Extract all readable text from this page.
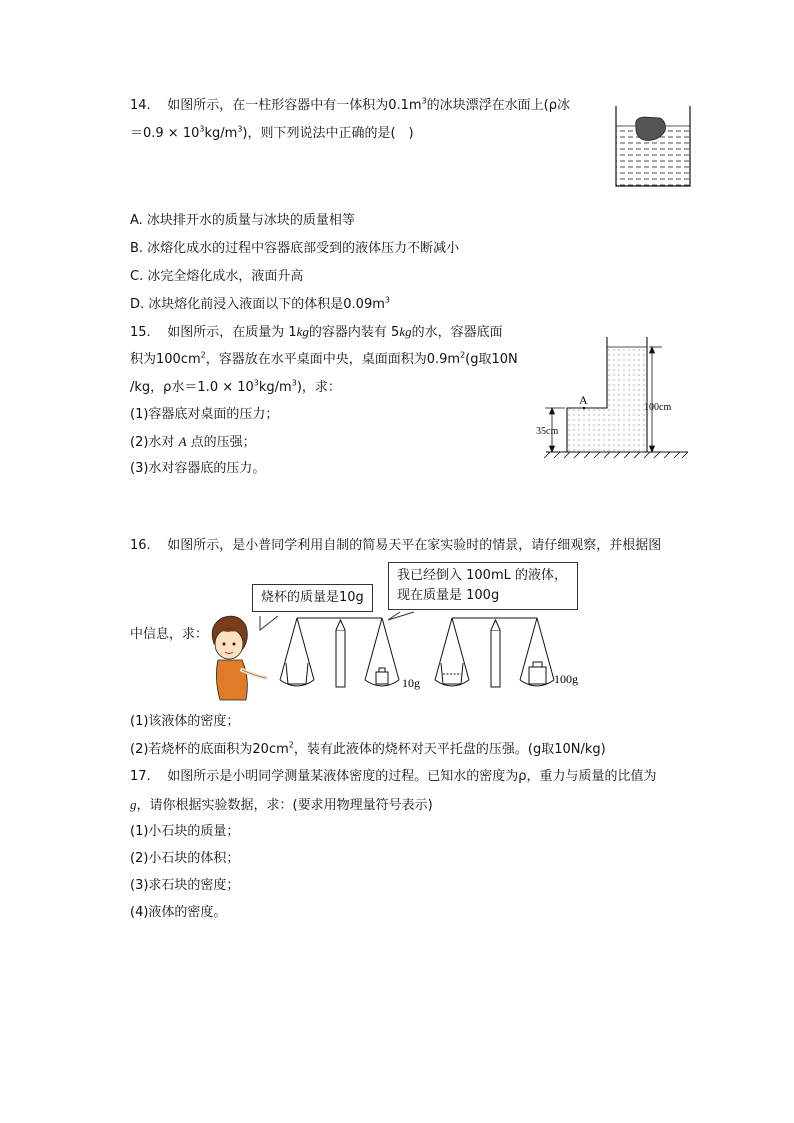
14. 如图所示，在一柱形容器中有一体积为$0.1m^3$的冰块漂浮在水面上(ρ冰
$=0.9 \times 10^3kg/m^3$)，则下列说法中正确的是(　)
A. 冰块排开水的质量与冰块的质量相等
B. 冰熔化成水的过程中容器底部受到的液体压力不断减小
C. 冰完全熔化成水，液面升高
D. 冰块熔化前浸入液面以下的体积是$0.09m^3$
15. 如图所示，在质量为 1kg的容器内装有 5kg的水，容器底面
积为$100cm^2$，容器放在水平桌面中央，桌面面积为$0.9m^2(g$取10N
/kg，ρ水$=1.0 \times 10^3kg/m^3$)，求：
(1)容器底对桌面的压力；
(2)水对 A 点的压强；
(3)水对容器底的压力。
A
35cm
100cm
16. 如图所示，是小普同学利用自制的简易天平在家实验时的情景，请仔细观察，并根据图
中信息，求：
10g	100g
烧杯的质量是10g
我已经倒入 100mL 的液体，
现在质量是 100g
(1)该液体的密度；
(2)若烧杯的底面积为$20cm^2$，装有此液体的烧杯对天平托盘的压强。(g取10N/kg)
17. 如图所示是小明同学测量某液体密度的过程。已知水的密度为ρ，重力与质量的比值为
g，请你根据实验数据，求：(要求用物理量符号表示)
(1)小石块的质量；
(2)小石块的体积；
(3)求石块的密度；
(4)液体的密度。
